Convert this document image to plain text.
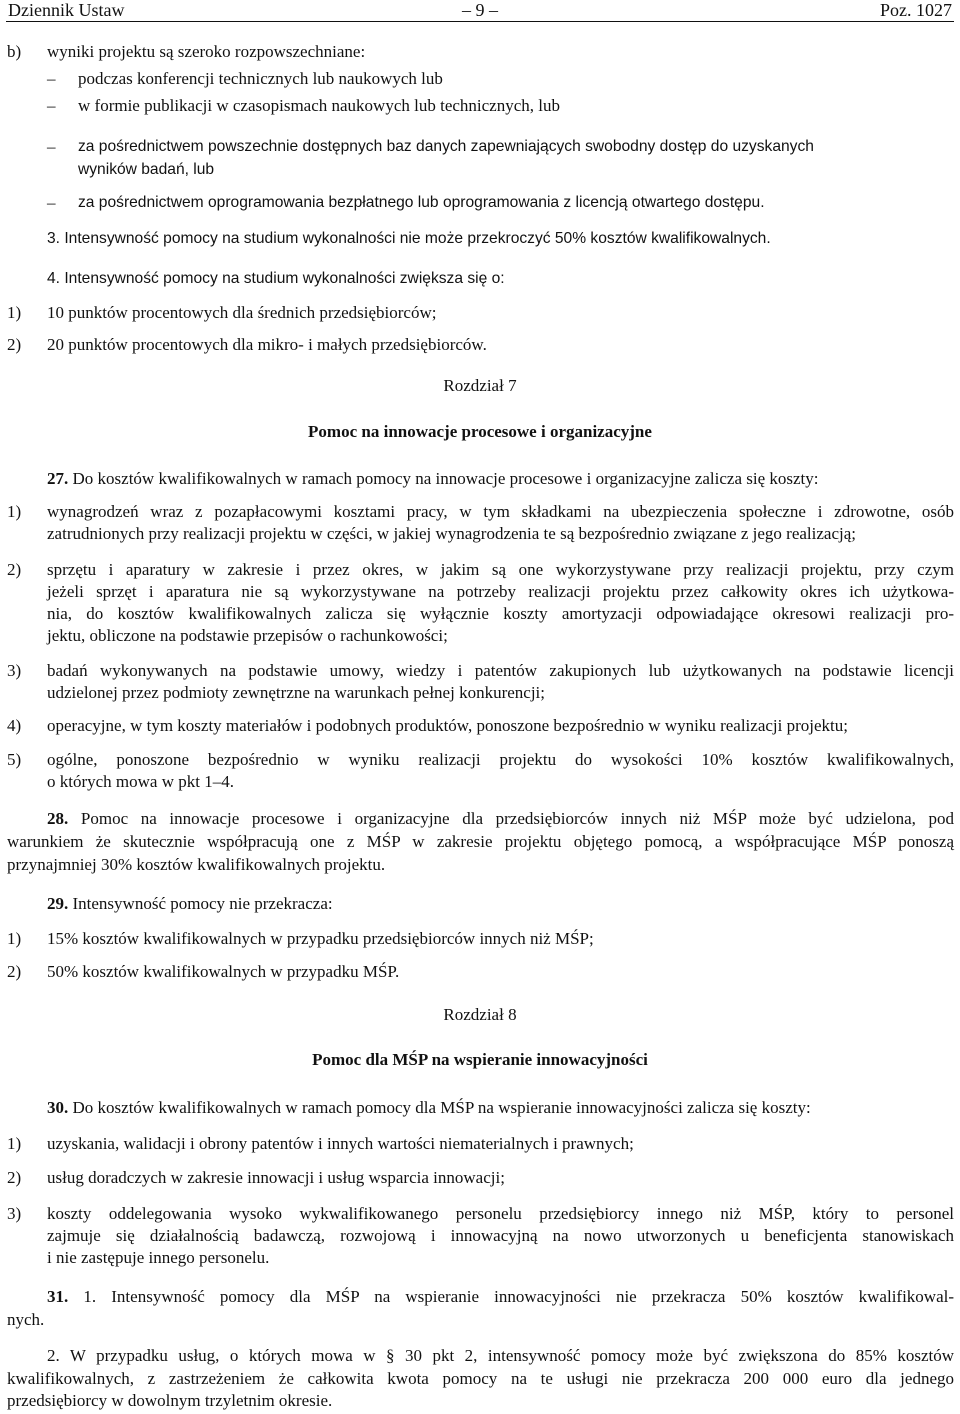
Dziennik Ustaw	– 9 –	Poz. 1027
b) wyniki projektu są szeroko rozpowszechniane:
– podczas konferencji technicznych lub naukowych lub
– w formie publikacji w czasopismach naukowych lub technicznych, lub
– za pośrednictwem powszechnie dostępnych baz danych zapewniających swobodny dostęp do uzyskanych
wyników badań, lub
– za pośrednictwem oprogramowania bezpłatnego lub oprogramowania z licencją otwartego dostępu.
3. Intensywność pomocy na studium wykonalności nie może przekroczyć 50% kosztów kwalifikowalnych.
4. Intensywność pomocy na studium wykonalności zwiększa się o:
1) 10 punktów procentowych dla średnich przedsiębiorców;
2) 20 punktów procentowych dla mikro- i małych przedsiębiorców.
Rozdział 7
Pomoc na innowacje procesowe i organizacyjne
27. Do kosztów kwalifikowalnych w ramach pomocy na innowacje procesowe i organizacyjne zalicza się koszty:
1) wynagrodzeń wraz z pozapłacowymi kosztami pracy, w tym składkami na ubezpieczenia społeczne i zdrowotne, osób
zatrudnionych przy realizacji projektu w części, w jakiej wynagrodzenia te są bezpośrednio związane z jego realizacją;
2) sprzętu i aparatury w zakresie i przez okres, w jakim są one wykorzystywane przy realizacji projektu, przy czym
jeżeli sprzęt i aparatura nie są wykorzystywane na potrzeby realizacji projektu przez całkowity okres ich użytkowa-
nia, do kosztów kwalifikowalnych zalicza się wyłącznie koszty amortyzacji odpowiadające okresowi realizacji pro-
jektu, obliczone na podstawie przepisów o rachunkowości;
3) badań wykonywanych na podstawie umowy, wiedzy i patentów zakupionych lub użytkowanych na podstawie licencji
udzielonej przez podmioty zewnętrzne na warunkach pełnej konkurencji;
4) operacyjne, w tym koszty materiałów i podobnych produktów, ponoszone bezpośrednio w wyniku realizacji projektu;
5) ogólne, ponoszone bezpośrednio w wyniku realizacji projektu do wysokości 10% kosztów kwalifikowalnych,
o których mowa w pkt 1–4.
28. Pomoc na innowacje procesowe i organizacyjne dla przedsiębiorców innych niż MŚP może być udzielona, pod
warunkiem że skutecznie współpracują one z MŚP w zakresie projektu objętego pomocą, a współpracujące MŚP ponoszą
przynajmniej 30% kosztów kwalifikowalnych projektu.
29. Intensywność pomocy nie przekracza:
1) 15% kosztów kwalifikowalnych w przypadku przedsiębiorców innych niż MŚP;
2) 50% kosztów kwalifikowalnych w przypadku MŚP.
Rozdział 8
Pomoc dla MŚP na wspieranie innowacyjności
30. Do kosztów kwalifikowalnych w ramach pomocy dla MŚP na wspieranie innowacyjności zalicza się koszty:
1) uzyskania, walidacji i obrony patentów i innych wartości niematerialnych i prawnych;
2) usług doradczych w zakresie innowacji i usług wsparcia innowacji;
3) koszty oddelegowania wysoko wykwalifikowanego personelu przedsiębiorcy innego niż MŚP, który to personel
zajmuje się działalnością badawczą, rozwojową i innowacyjną na nowo utworzonych u beneficjenta stanowiskach
i nie zastępuje innego personelu.
31. 1. Intensywność pomocy dla MŚP na wspieranie innowacyjności nie przekracza 50% kosztów kwalifikowal-
nych.
2. W przypadku usług, o których mowa w § 30 pkt 2, intensywność pomocy może być zwiększona do 85% kosztów
kwalifikowalnych, z zastrzeżeniem że całkowita kwota pomocy na te usługi nie przekracza 200 000 euro dla jednego
przedsiębiorcy w dowolnym trzyletnim okresie.
